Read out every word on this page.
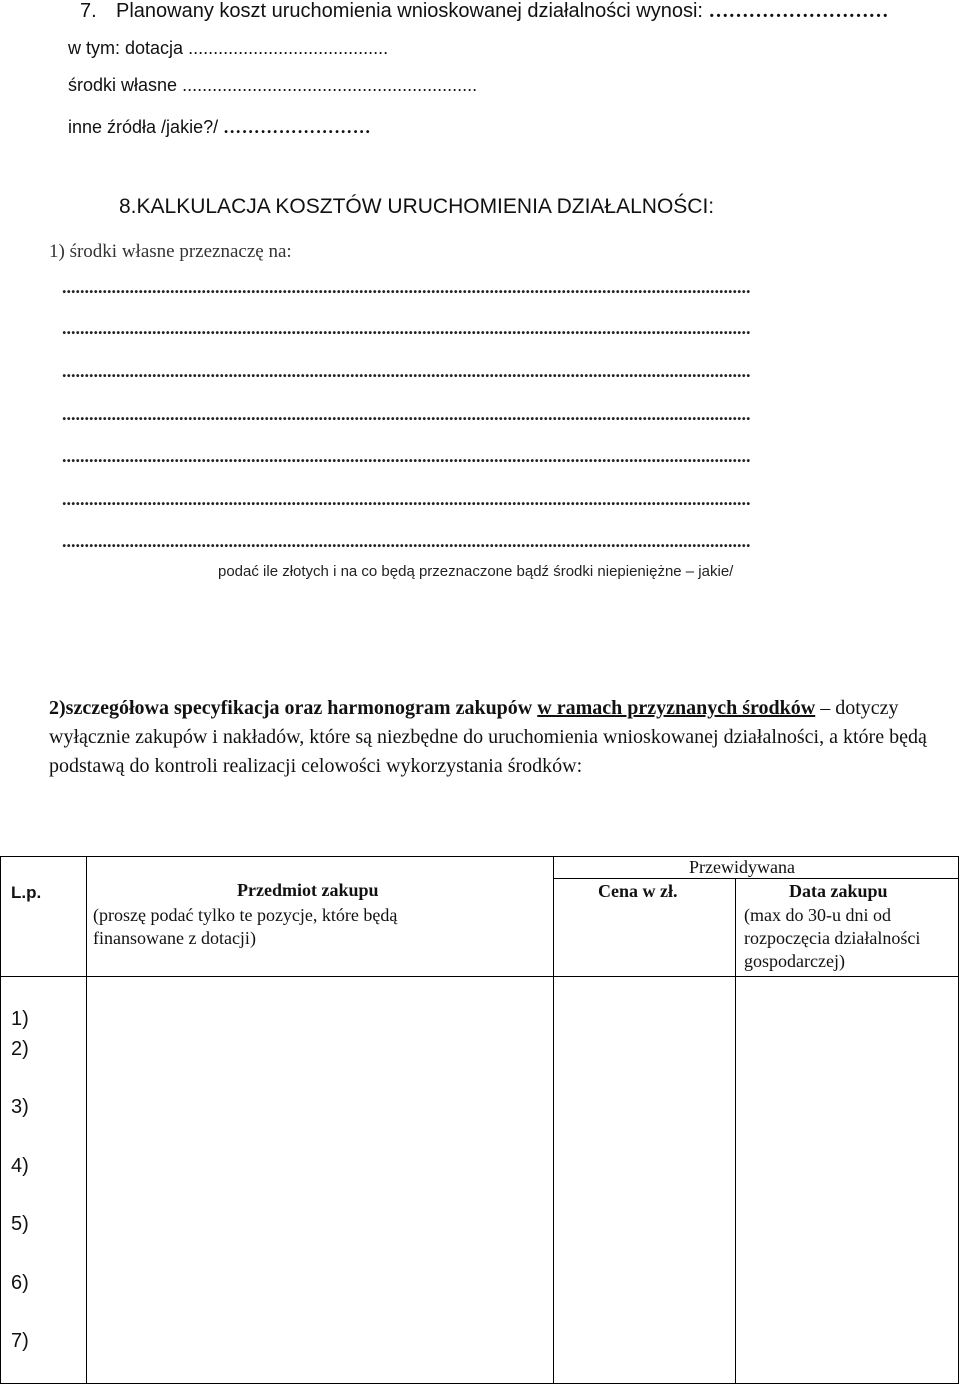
7. Planowany koszt uruchomienia wnioskowanej działalności wynosi: ………………………
w tym: dotacja ........................................
środki własne ...........................................................
inne źródła /jakie?/ ……………………
8.KALKULACJA KOSZTÓW URUCHOMIENIA DZIAŁALNOŚCI:
1) środki własne przeznaczę na:
.........................................................................................................................................................
.........................................................................................................................................................
.........................................................................................................................................................
.........................................................................................................................................................
.........................................................................................................................................................
.........................................................................................................................................................
.........................................................................................................................................................
podać ile złotych i na co będą przeznaczone bądź środki niepieniężne – jakie/
2)szczegółowa specyfikacja oraz harmonogram zakupów w ramach przyznanych środków – dotyczy wyłącznie zakupów i nakładów, które są niezbędne do uruchomienia wnioskowanej działalności, a które będą podstawą do kontroli realizacji celowości wykorzystania środków:
L.p.	Przedmiot zakupu
(proszę podać tylko te pozycje, które będą finansowane z dotacji)
Przewidywana
Cena w zł.	Data zakupu
(max do 30-u dni od rozpoczęcia działalności gospodarczej)
1)
2)
3)
4)
5)
6)
7)
